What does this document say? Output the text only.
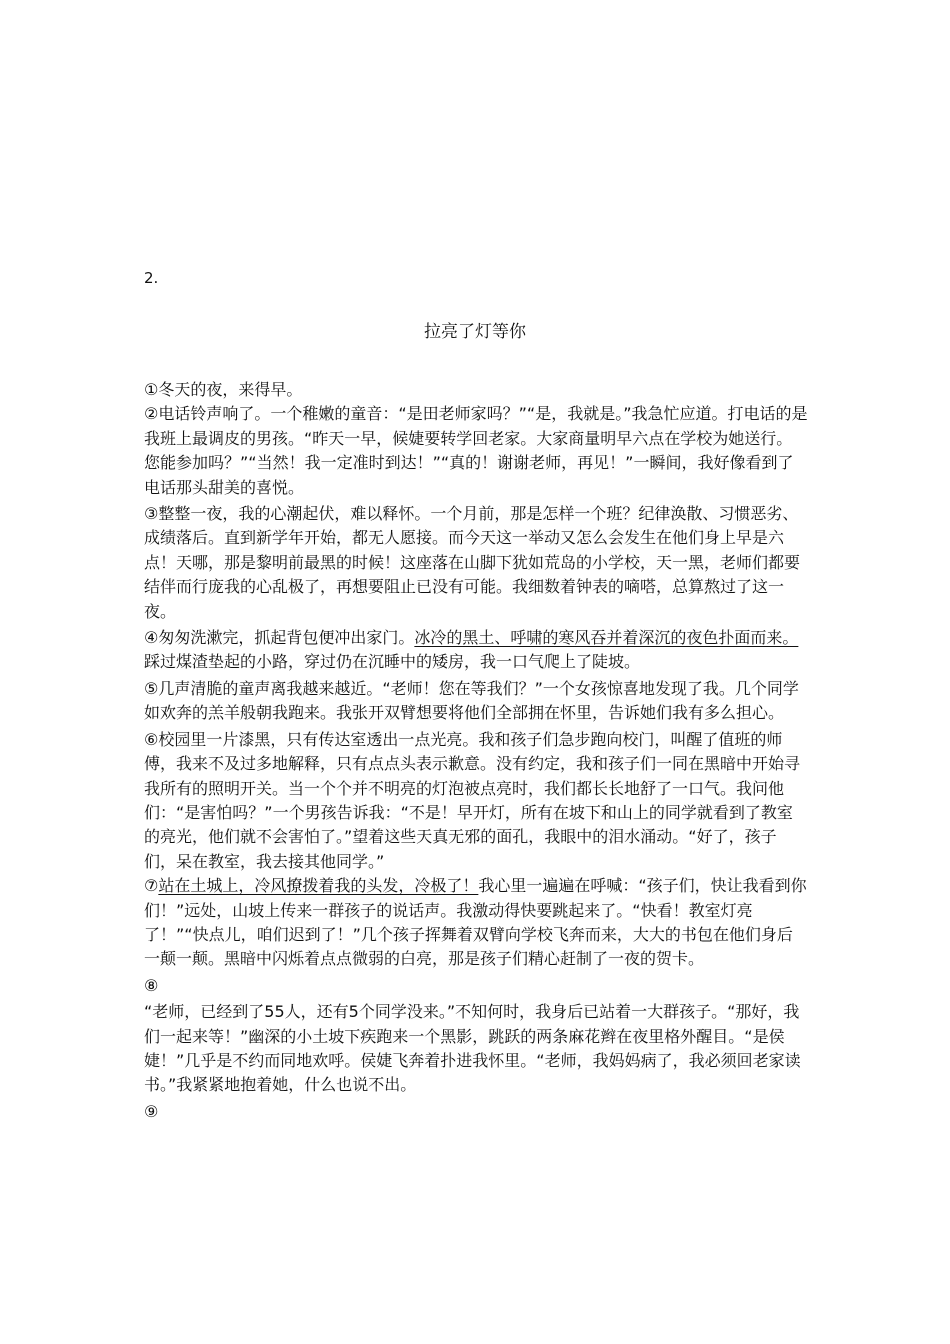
2.
拉亮了灯等你

①冬天的夜，来得早。

②电话铃声响了。一个稚嫩的童音：“是田老师家吗？”“是，我就是。”我急忙应道。打电话的是我班上最调皮的男孩。“昨天一早，候婕要转学回老家。大家商量明早六点在学校为她送行。您能参加吗？”“当然！我一定准时到达！”“真的！谢谢老师，再见！”一瞬间，我好像看到了电话那头甜美的喜悦。

③整整一夜，我的心潮起伏，难以释怀。一个月前，那是怎样一个班？纪律涣散、习惯恶劣、成绩落后。直到新学年开始，都无人愿接。而今天这一举动又怎么会发生在他们身上早是六点！天哪，那是黎明前最黑的时候！这座落在山脚下犹如荒岛的小学校，天一黑，老师们都要结伴而行庞我的心乱极了，再想要阻止已没有可能。我细数着钟表的嘀嗒，总算熬过了这一夜。

④匆匆洗漱完，抓起背包便冲出家门。冰冷的黑土、呼啸的寒风吞并着深沉的夜色扑面而来。踩过煤渣垫起的小路，穿过仍在沉睡中的矮房，我一口气爬上了陡坡。

⑤几声清脆的童声离我越来越近。“老师！您在等我们？”一个女孩惊喜地发现了我。几个同学如欢奔的羔羊般朝我跑来。我张开双臂想要将他们全部拥在怀里，告诉她们我有多么担心。

⑥校园里一片漆黑，只有传达室透出一点光亮。我和孩子们急步跑向校门，叫醒了值班的师傅，我来不及过多地解释，只有点点头表示歉意。没有约定，我和孩子们一同在黑暗中开始寻我所有的照明开关。当一个个并不明亮的灯泡被点亮时，我们都长长地舒了一口气。我问他们：“是害怕吗？”一个男孩告诉我：“不是！早开灯，所有在坡下和山上的同学就看到了教室的亮光，他们就不会害怕了。”望着这些天真无邪的面孔，我眼中的泪水涌动。“好了，孩子们，呆在教室，我去接其他同学。”

⑦站在土城上，冷风撩拨着我的头发，冷极了！我心里一遍遍在呼喊：“孩子们，快让我看到你们！”远处，山坡上传来一群孩子的说话声。我激动得快要跳起来了。“快看！教室灯亮了！”“快点儿，咱们迟到了！”几个孩子挥舞着双臂向学校飞奔而来，大大的书包在他们身后一颠一颠。黑暗中闪烁着点点微弱的白亮，那是孩子们精心赶制了一夜的贺卡。

⑧

“老师，已经到了55人，还有5个同学没来。”不知何时，我身后已站着一大群孩子。“那好，我们一起来等！”幽深的小土坡下疾跑来一个黑影，跳跃的两条麻花辫在夜里格外醒目。“是侯婕！”几乎是不约而同地欢呼。侯婕飞奔着扑进我怀里。“老师，我妈妈病了，我必须回老家读书。”我紧紧地抱着她，什么也说不出。

⑨
